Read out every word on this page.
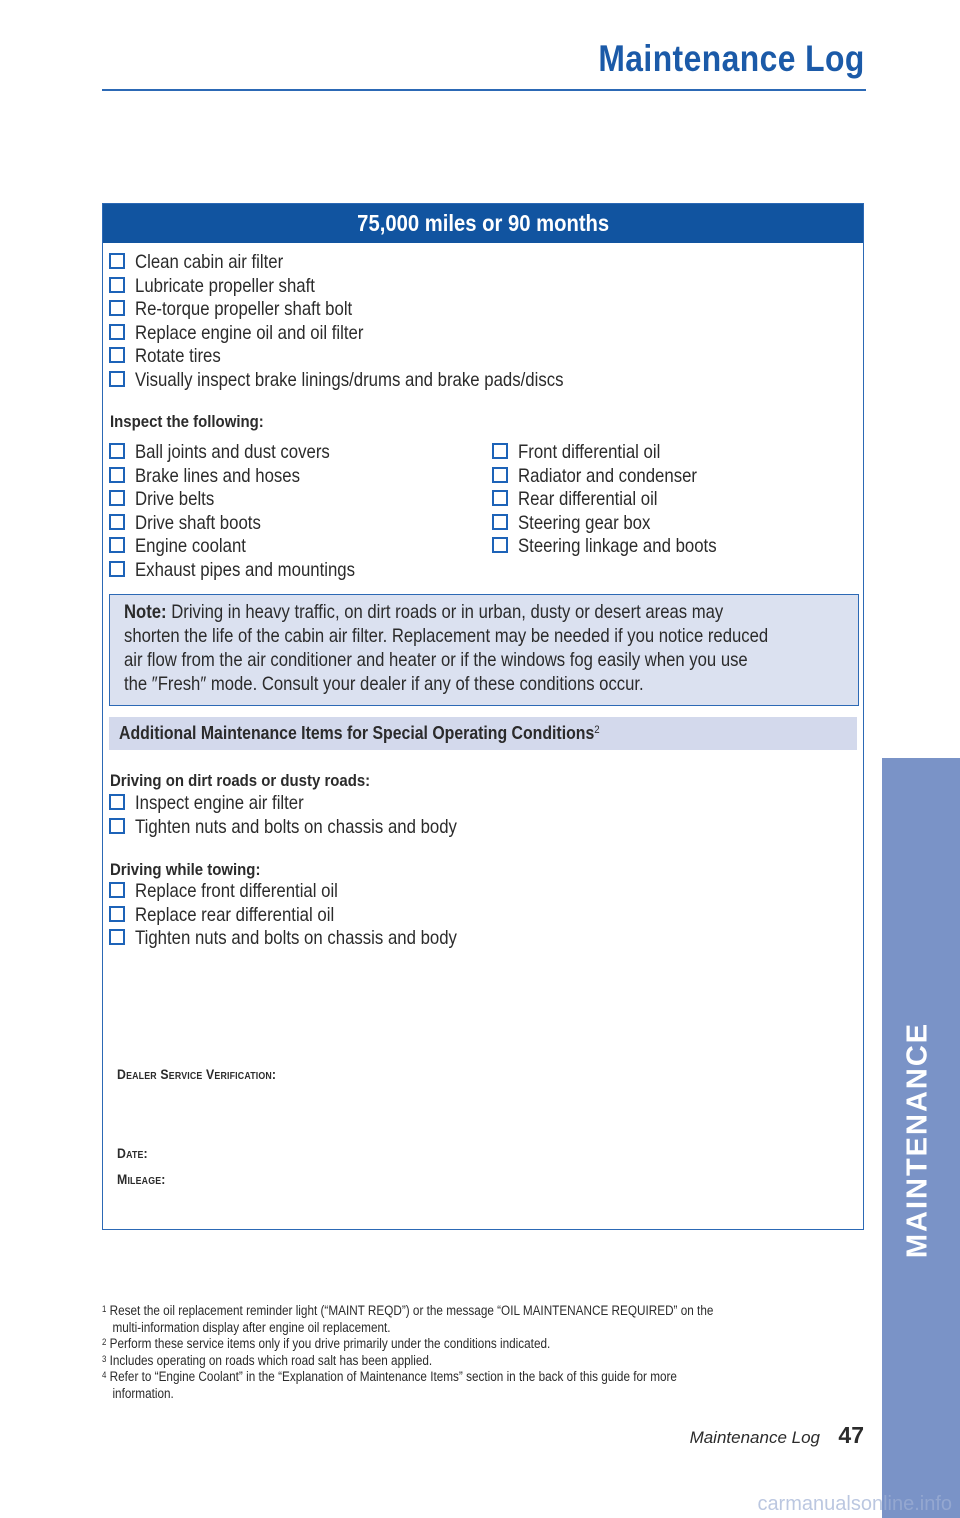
Maintenance Log
75,000 miles or 90 months
Clean cabin air filter
Lubricate propeller shaft
Re-torque propeller shaft bolt
Replace engine oil and oil filter
Rotate tires
Visually inspect brake linings/drums and brake pads/discs
Inspect the following:
Ball joints and dust covers
Brake lines and hoses
Drive belts
Drive shaft boots
Engine coolant
Exhaust pipes and mountings
Front differential oil
Radiator and condenser
Rear differential oil
Steering gear box
Steering linkage and boots
Note: Driving in heavy traffic, on dirt roads or in urban, dusty or desert areas may
shorten the life of the cabin air filter. Replacement may be needed if you notice reduced
air flow from the air conditioner and heater or if the windows fog easily when you use
the ″Fresh″ mode. Consult your dealer if any of these conditions occur.
Additional Maintenance Items for Special Operating Conditions$^2$
Driving on dirt roads or dusty roads:
Inspect engine air filter
Tighten nuts and bolts on chassis and body
Driving while towing:
Replace front differential oil
Replace rear differential oil
Tighten nuts and bolts on chassis and body
Dealer Service Verification:
Date:
Mileage:
$^1$ Reset the oil replacement reminder light (“MAINT REQD”) or the message “OIL MAINTENANCE REQUIRED” on the
multi-information display after engine oil replacement.
$^2$ Perform these service items only if you drive primarily under the conditions indicated.
$^3$ Includes operating on roads which road salt has been applied.
$^4$ Refer to “Engine Coolant” in the “Explanation of Maintenance Items” section in the back of this guide for more
information.
Maintenance Log 47
MAINTENANCE
carmanualsonline.info
